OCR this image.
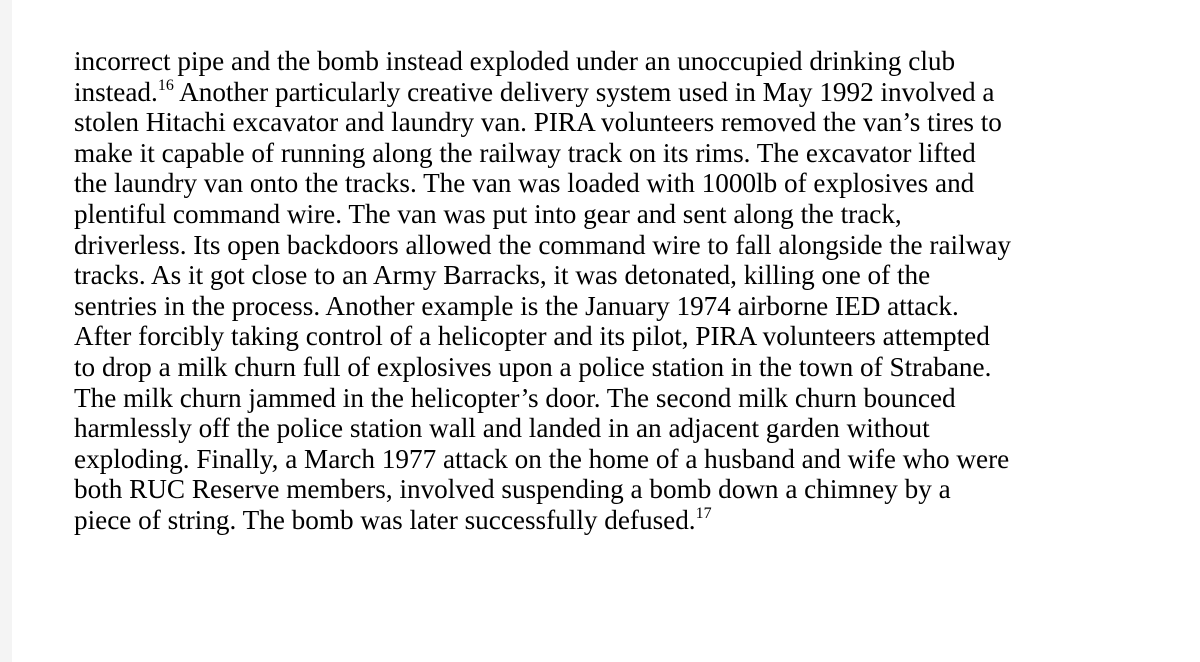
incorrect pipe and the bomb instead exploded under an unoccupied drinking club
instead.$^{16}$ Another particularly creative delivery system used in May 1992 involved a
stolen Hitachi excavator and laundry van. PIRA volunteers removed the van’s tires to
make it capable of running along the railway track on its rims. The excavator lifted
the laundry van onto the tracks. The van was loaded with 1000lb of explosives and
plentiful command wire. The van was put into gear and sent along the track,
driverless. Its open backdoors allowed the command wire to fall alongside the railway
tracks. As it got close to an Army Barracks, it was detonated, killing one of the
sentries in the process. Another example is the January 1974 airborne IED attack.
After forcibly taking control of a helicopter and its pilot, PIRA volunteers attempted
to drop a milk churn full of explosives upon a police station in the town of Strabane.
The milk churn jammed in the helicopter’s door. The second milk churn bounced
harmlessly off the police station wall and landed in an adjacent garden without
exploding. Finally, a March 1977 attack on the home of a husband and wife who were
both RUC Reserve members, involved suspending a bomb down a chimney by a
piece of string. The bomb was later successfully defused.$^{17}$
